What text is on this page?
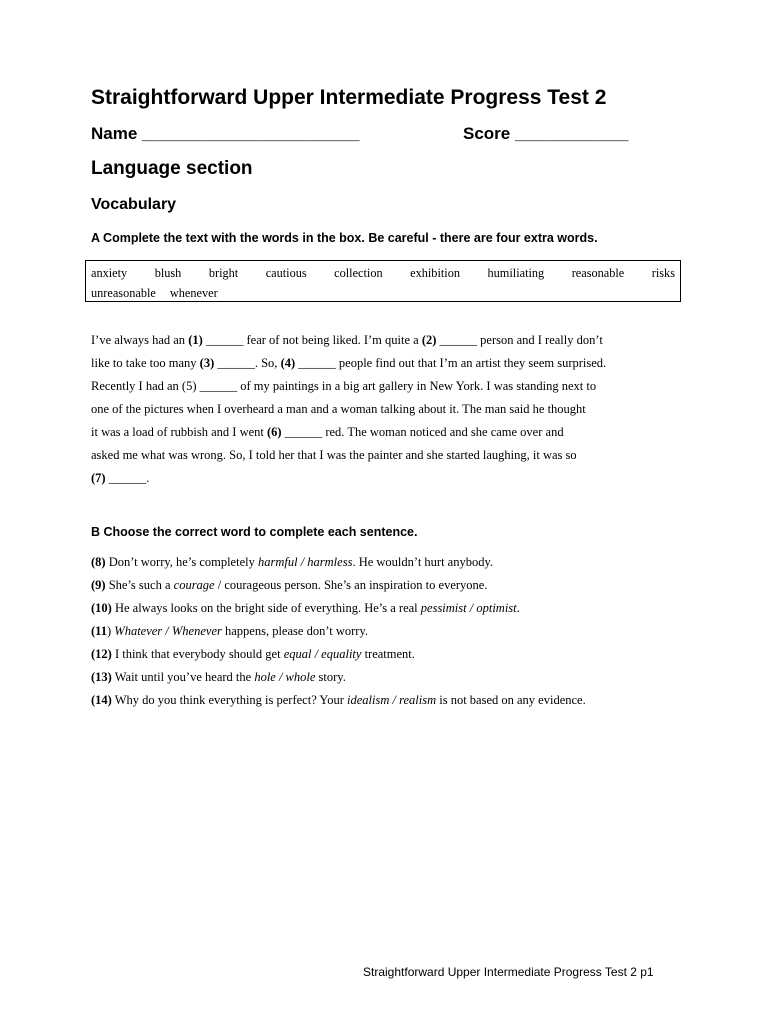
Straightforward Upper Intermediate Progress Test 2
Name _______________________	Score ____________
Language section
Vocabulary
A Complete the text with the words in the box. Be careful - there are four extra words.
anxiety blush bright cautious collection exhibition humiliating reasonable risks
unreasonable whenever
I’ve always had an (1) ______ fear of not being liked. I’m quite a (2) ______ person and I really don’t
like to take too many (3) ______. So, (4) ______ people find out that I’m an artist they seem surprised.
Recently I had an (5) ______ of my paintings in a big art gallery in New York. I was standing next to
one of the pictures when I overheard a man and a woman talking about it. The man said he thought
it was a load of rubbish and I went (6) ______ red. The woman noticed and she came over and
asked me what was wrong. So, I told her that I was the painter and she started laughing, it was so
(7) ______.
B Choose the correct word to complete each sentence.
(8) Don’t worry, he’s completely harmful / harmless. He wouldn’t hurt anybody.
(9) She’s such a courage / courageous person. She’s an inspiration to everyone.
(10) He always looks on the bright side of everything. He’s a real pessimist / optimist.
(11) Whatever / Whenever happens, please don’t worry.
(12) I think that everybody should get equal / equality treatment.
(13) Wait until you’ve heard the hole / whole story.
(14) Why do you think everything is perfect? Your idealism / realism is not based on any evidence.
Straightforward Upper Intermediate Progress Test 2 p1
